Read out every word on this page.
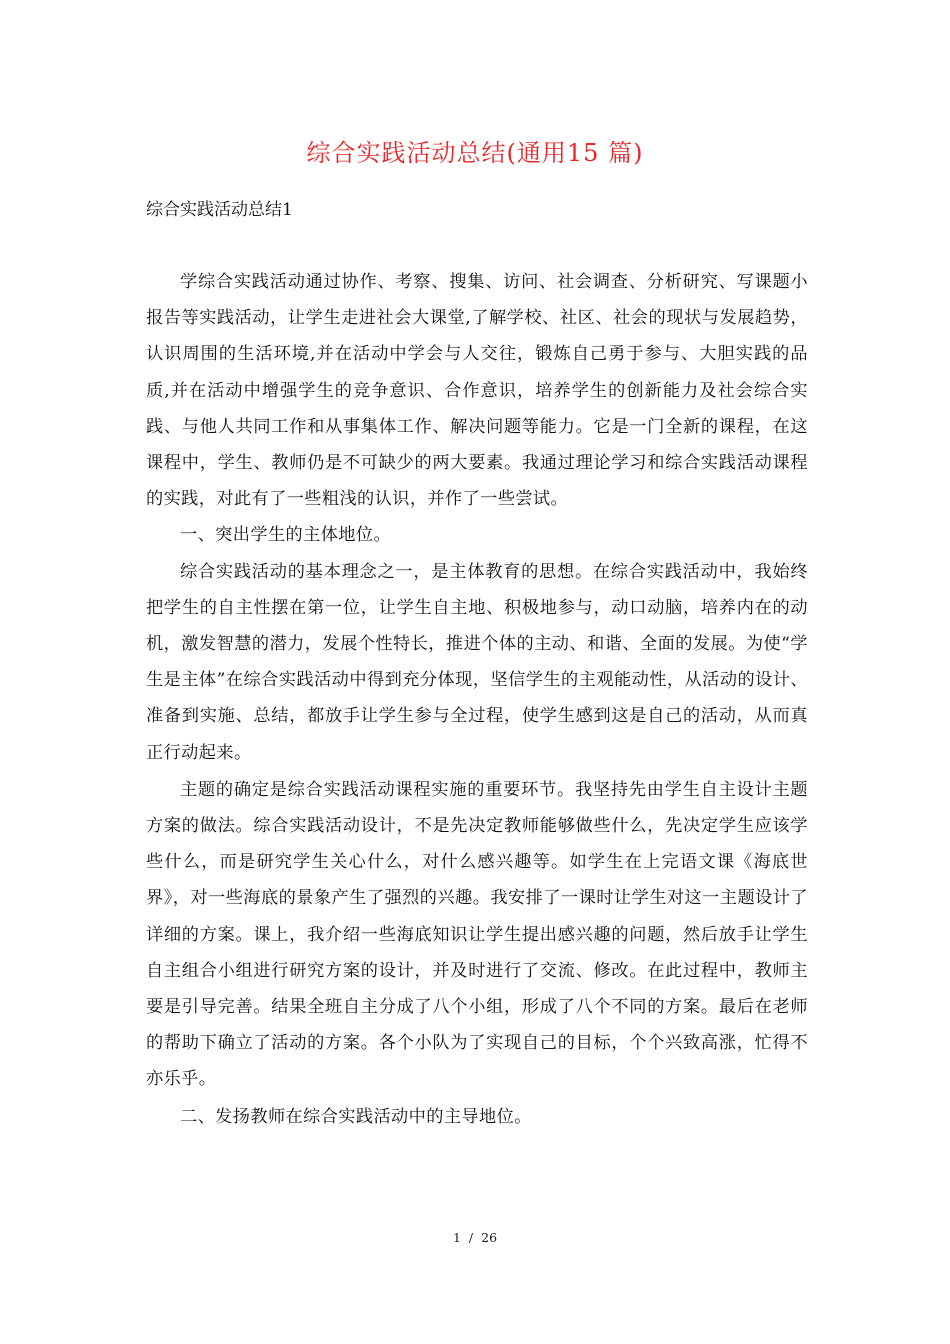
综合实践活动总结(通用15 篇)
综合实践活动总结1

学综合实践活动通过协作、考察、搜集、访问、社会调查、分析研究、写课题小报告等实践活动，让学生走进社会大课堂,了解学校、社区、社会的现状与发展趋势，认识周围的生活环境,并在活动中学会与人交往，锻炼自己勇于参与、大胆实践的品质,并在活动中增强学生的竞争意识、合作意识，培养学生的创新能力及社会综合实践、与他人共同工作和从事集体工作、解决问题等能力。它是一门全新的课程，在这课程中，学生、教师仍是不可缺少的两大要素。我通过理论学习和综合实践活动课程的实践，对此有了一些粗浅的认识，并作了一些尝试。

一、突出学生的主体地位。

综合实践活动的基本理念之一，是主体教育的思想。在综合实践活动中，我始终把学生的自主性摆在第一位，让学生自主地、积极地参与，动口动脑，培养内在的动机，激发智慧的潜力，发展个性特长，推进个体的主动、和谐、全面的发展。为使“学生是主体”在综合实践活动中得到充分体现，坚信学生的主观能动性，从活动的设计、准备到实施、总结，都放手让学生参与全过程，使学生感到这是自己的活动，从而真正行动起来。

主题的确定是综合实践活动课程实施的重要环节。我坚持先由学生自主设计主题方案的做法。综合实践活动设计，不是先决定教师能够做些什么，先决定学生应该学些什么，而是研究学生关心什么，对什么感兴趣等。如学生在上完语文课《海底世界》，对一些海底的景象产生了强烈的兴趣。我安排了一课时让学生对这一主题设计了详细的方案。课上，我介绍一些海底知识让学生提出感兴趣的问题，然后放手让学生自主组合小组进行研究方案的设计，并及时进行了交流、修改。在此过程中，教师主要是引导完善。结果全班自主分成了八个小组，形成了八个不同的方案。最后在老师的帮助下确立了活动的方案。各个小队为了实现自己的目标，个个兴致高涨，忙得不亦乐乎。

二、发扬教师在综合实践活动中的主导地位。

1 / 26
